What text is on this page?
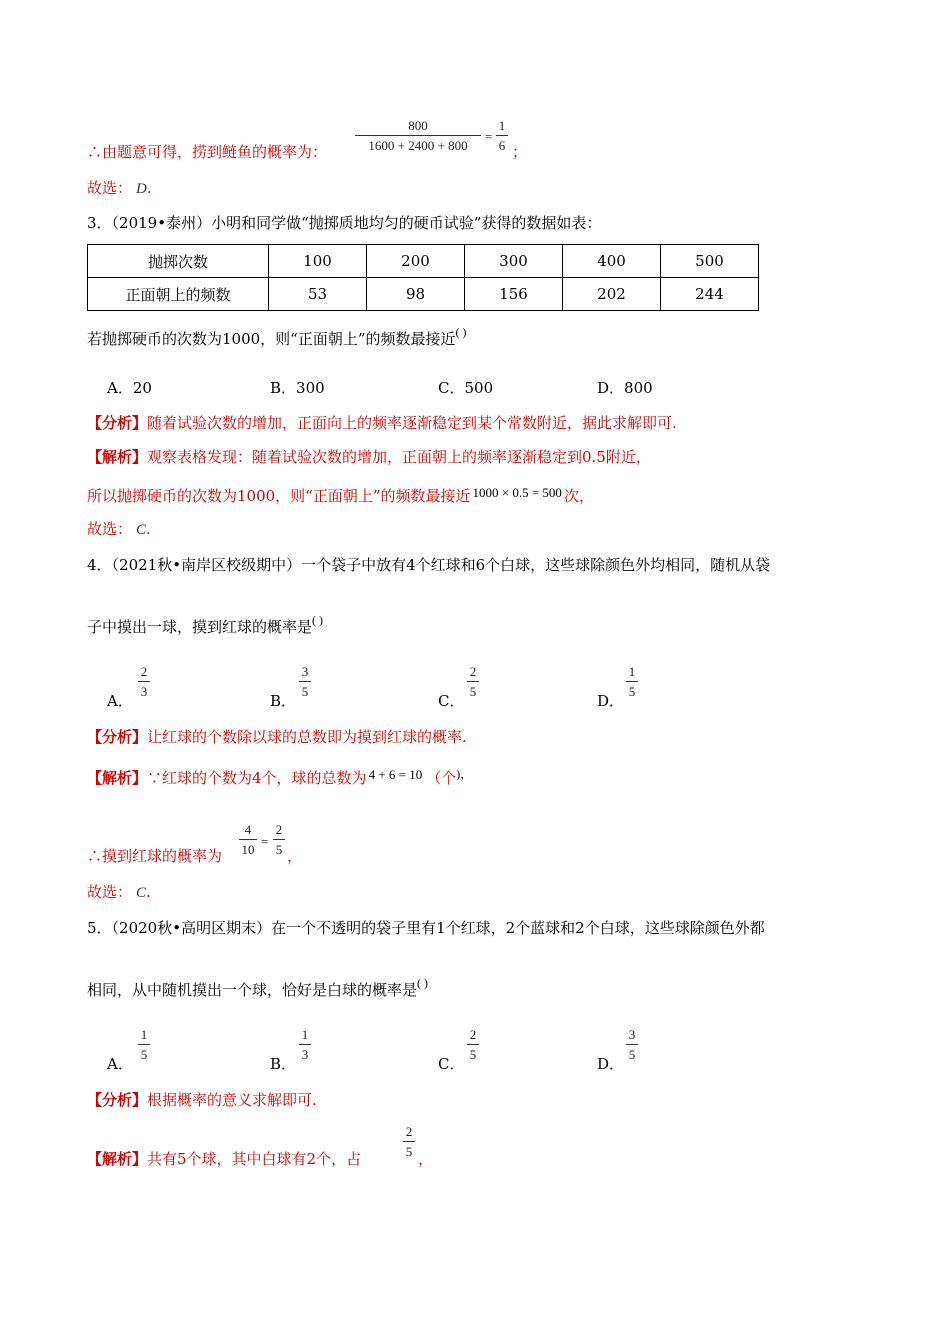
800
1600 + 2400 + 800
=
1
6
∴由题意可得，捞到鲢鱼的概率为：	；
故选： D.
3．（2019•泰州）小明和同学做“抛掷质地均匀的硬币试验”获得的数据如表：
抛掷次数	100	200	300	400	500
正面朝上的频数	53	98	156	202	244
若抛掷硬币的次数为1000，则“正面朝上”的频数最接近( )
A．20	B．300	C．500	D．800
【分析】随着试验次数的增加，正面向上的频率逐渐稳定到某个常数附近，据此求解即可.
【解析】观察表格发现：随着试验次数的增加，正面朝上的频率逐渐稳定到0.5附近，
所以抛掷硬币的次数为1000，则“正面朝上”的频数最接近 1000 × 0.5 = 500 次，
故选： C.
4．（2021秋•南岸区校级期中）一个袋子中放有4个红球和6个白球，这些球除颜色外均相同，随机从袋
子中摸出一球，摸到红球的概率是( )
A．
2
3
B．
3
5
C．
2
5
D．
1
5
【分析】让红球的个数除以球的总数即为摸到红球的概率.
【解析】∵红球的个数为4个，球的总数为 4 + 6 = 10 （个)，
4
10
=
2
5
∴摸到红球的概率为	，
故选： C.
5．（2020秋•高明区期末）在一个不透明的袋子里有1个红球，2个蓝球和2个白球，这些球除颜色外都
相同，从中随机摸出一个球，恰好是白球的概率是( )
A．
1
5
B．
1
3
C．
2
5
D．
3
5
【分析】根据概率的意义求解即可.
【解析】共有5个球，其中白球有2个，占
2
5 ，
